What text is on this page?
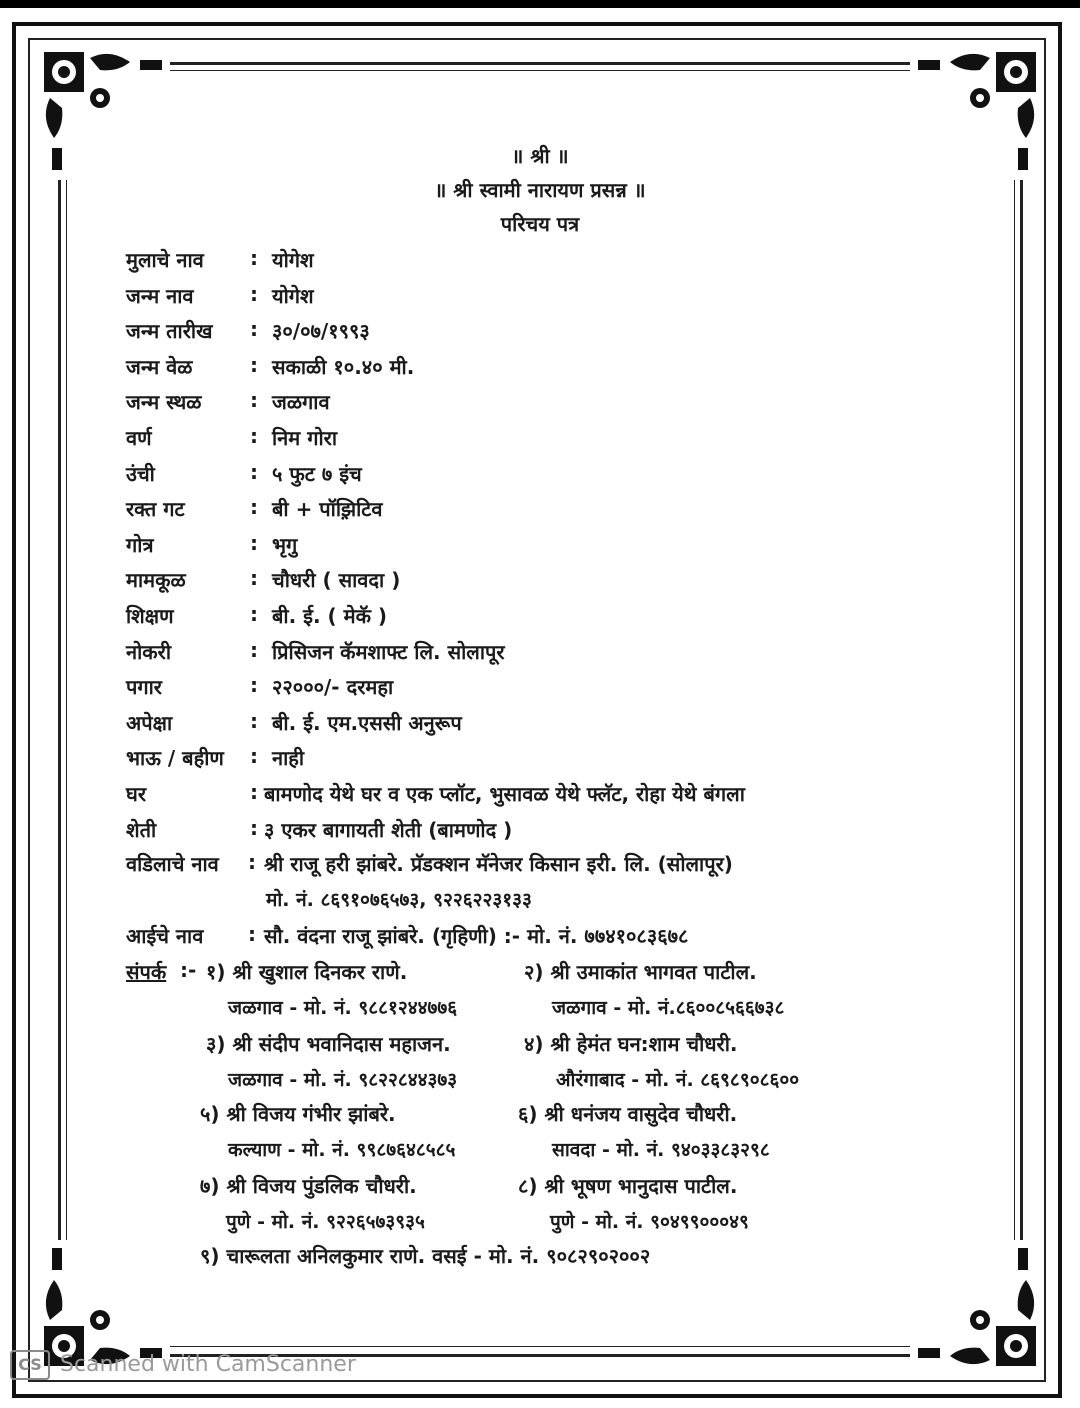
॥ श्री ॥
॥ श्री स्वामी नारायण प्रसन्न ॥
परिचय पत्र
मुलाचे नाव : योगेश
जन्म नाव	: योगेश
जन्म तारीख : ३०/०७/१९९३
जन्म वेळ	: सकाळी १०.४० मी.
जन्म स्थळ : जळगाव
वर्ण	: निम गोरा
उंची	: ५ फुट ७ इंच
रक्त गट	: बी + पॉझ़िटिव
गोत्र	: भृगु
मामकूळ	: चौधरी ( सावदा )
शिक्षण	: बी. ई. ( मेकॅ )
नोकरी	: प्रिसिजन कॅमशाफ्ट लि. सोलापूर
पगार	: २२०००/- दरमहा
अपेक्षा	: बी. ई. एम.एससी अनुरूप
भाऊ / बहीण : नाही
घर	: बामणोद येथे घर व एक प्लॉट, भुसावळ येथे फ्लॅट, रोहा येथे बंगला
शेती	: ३ एकर बागायती शेती (बामणोद )
वडिलाचे नाव : श्री राजू हरी झांबरे. प्रॅडक्शन मॅनेजर किसान इरी. लि. (सोलापूर)
मो. नं. ८६९१०७६५७३, ९२२६२२३१३३
आईचे नाव : सौ. वंदना राजू झांबरे. (गृहिणी) :- मो. नं. ७७४१०८३६७८
संपर्क :- १) श्री खुशाल दिनकर राणे.
जळगाव - मो. नं. ९८८१२४४७७६
२) श्री उमाकांत भागवत पाटील.
जळगाव - मो. नं.८६००८५६६७३८
३) श्री संदीप भवानिदास महाजन.
जळगाव - मो. नं. ९८२२८४४३७३
४) श्री हेमंत घन:शाम चौधरी.
औरंगाबाद - मो. नं. ८६९८९०८६००
५) श्री विजय गंभीर झांबरे.
कल्याण - मो. नं. ९९८७६४८५८५
६) श्री धनंजय वासुदेव चौधरी.
सावदा - मो. नं. ९४०३३८३२९८
७) श्री विजय पुंडलिक चौधरी.
पुणे - मो. नं. ९२२६५७३९३५
८) श्री भूषण भानुदास पाटील.
पुणे - मो. नं. ९०४९९०००४९
९) चारूलता अनिलकुमार राणे. वसई - मो. नं. ९०८२९०२००२
CS Scanned with CamScanner
